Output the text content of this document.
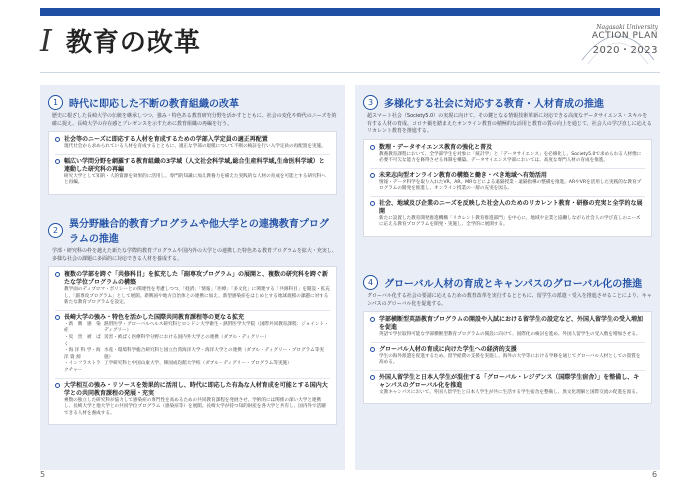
Ⅰ 教育の改革
Nagasaki University
ACTION PLAN
2020・2023
1	時代に即応した不断の教育組織の改革
歴史に根ざした長崎大学の伝統を継承しつつ、強み・特色ある教育研究分野を活かすとともに、社会の変化や時代のニーズを的確に捉え、長崎大学の存在感とプレゼンスを示すために教育組織の再編を行う。
社会等のニーズに即応する人材を育成するための学部入学定員の適正再配置
現代社会から求められている人材を育成するとともに、適正な学部の規模について不断の検証を行い入学定員の再配置を実施。
幅広い学問分野を網羅する教育組織の3学域（人文社会科学域,総合生産科学域,生命医科学域）と連動した研究科の再編
研究大学として知的・人的資源を効果的に活用し、専門的知識に加え教養力を備えた実践的な人材の育成を可能とする研究科へと再編。
2	異分野融合的教育プログラムや他大学との連携教育プログラムの推進
学部・研究科の枠を越えた新たな学際的教育プログラムや国内外の大学との連携した特色ある教育プログラムを拡大・充実し、多様な社会の課題に多面的に対応できる人材を養成する。
複数の学部を跨ぐ「共修科目」を拡充した「副専攻プログラム」の展開と、複数の研究科を跨ぐ新たな学位プログラムの構築
教学面のディプロマ・ポリシーとの関連性を考慮しつつ、「経済」「情報」「医療」「多文化」に関連する「共修科目」を開設・拡充し、「副専攻プログラム」として展開。新興国や地方自治体との連携に加え、新型感染症をはじめとする地球規模の課題に対する新たな教育プログラムを設定。
長崎大学の強み・特色を活かした国際共同教育課程等の更なる拡充
・新　興　感　染　症
熱帯医学・グローバルヘルス研究科とロンドン大学衛生・熱帯医学大学院（国際共同教育課程：ジョイント・ディグリー）
・災　害　被　ば　く
災害・被ばく医療科学分野における国内外大学との連携（ダブル・ディグリー）
・海 洋 科 学・海 洋 資 源
水産・環境科学総合研究科と国立台湾海洋大学・海洋大学との連携（ダブル・ディグリー・プログラム等実施）
・インフラストラクチャー
工学研究科と中国山東大学、韓国成均館大学校（ダブル・ディグリー・プログラム等実施）
大学相互の強み・リソースを効果的に活用し、時代に即応した有為な人材育成を可能とする国内大学との共同教育課程の発展・充実
複数の独立した研究科が協力して感染症の専門性を高めるための共同教育課程を発展させ、学術的には関係の深い大学と連携し、長崎大学と他大学との共同学位プログラム（感染症等）を展開。長崎大学が持つ知的財産を各大学と共有し、国内外で活躍できる人材を養成する。
3	多様化する社会に対応する教育・人材育成の推進
超スマート社会（Society5.0）の実現に向けて、その鍵となる情報技術革新に対応できる高度なデータサイエンス・スキルを有する人材の育成、コロナ禍を踏まえたオンライン教育の積極的な活用と教育の質の向上を通じて、社会人の学び直しに応えるリカレント教育を推進する。
数理・データサイエンス教育の強化と普及
教養教育課程において、全学部学生を対象に「統計学」と「データサイエンス」を必修化し、Society5.0で求められる人材像に必要不可欠な能力を修得させる体制を構築。データサイエンス学部においては、高度な専門人材の育成を推進。
未来志向型オンライン教育の構築と働き・べき地域へ有効活用
情報・データ科学を取り入れたVR、AR、MRなどによる遠隔授業・遠隔指導の整備を推進。ARやVRを活用した実践的な教育プログラムの開発を推進し、オンライン授業の一層の充実を図る。
社会、地域及び企業のニーズを反映した社会人のためのリカレント教育・研修の充実と全学的な展開
新たに設置した教育開発推進機構「リカレント教育推進部門」を中心に、地域や企業と協働しながら社会人の学び直しのニーズに応える教育プログラムを開発・実施し、全学的に展開する。
4	グローバル人材の育成とキャンパスのグローバル化の推進
グローバル化する社会の要請に応えるための教育改革を実行するとともに、留学生の派遣・受入を推進させることにより、キャンパスのグローバル化を促進する。
学部横断型英語教育プログラムの開設や入試における留学生の設定など、外国人留学生の受入増加を促進
英語で学位取得可能な学部横断型教育プログラムの開設に向けて、国際化の検討を進め、外国人留学生の受入数を増加させる。
グローバル人材の育成に向けた学生への経済的支援
学生の海外派遣を促進するため、留学経費の支援を実施し、海外の大学等における学修を通じてグローバル人材としての資質を高める。
外国人留学生と日本人学生が混住する「グローバル・レジデンス（国際学生宿舎）」を整備し、キャンパスのグローバル化を推進
文教キャンパスにおいて、外国人留学生と日本人学生が共に生活する学生宿舎を整備し、異文化理解と国際交流の促進を図る。
5	6
